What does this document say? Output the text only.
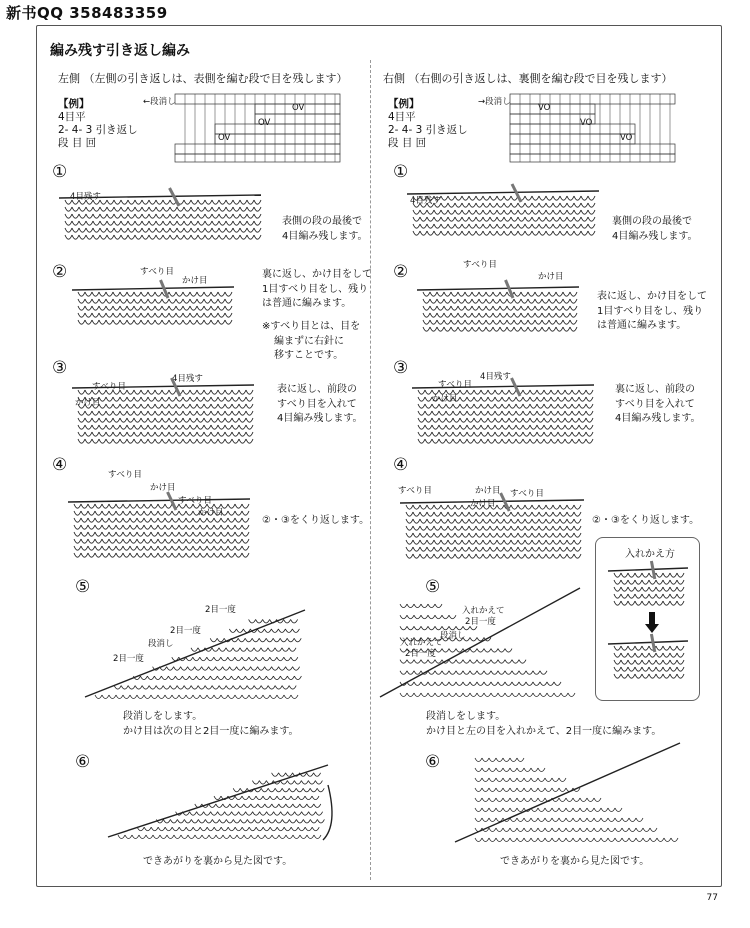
新书QQ 358483359
編み残す引き返し編み
左側 （左側の引き返しは、表側を編む段で目を残します）
【例】
4目平
2- 4- 3 引き返し
段 目 回
←段消し
OV
OV
OV
右側 （右側の引き返しは、裏側を編む段で目を残します）
【例】
4目平
2- 4- 3 引き返し
段 目 回
→段消し
VO
VO
VO
①
4目残す
表側の段の最後で
4目編み残します。
②	すべり目
かけ目
裏に返し、かけ目をして
1目すべり目をし、残り
は普通に編みます。
※すべり目とは、目を
編まずに右針に
移すことです。
③
4目残す
すべり目
かけ目
表に返し、前段の
すべり目を入れて
4目編み残します。
④	すべり目
かけ目
すべり目
かけ目
②・③をくり返します。
⑤
2目一度
2目一度
段消し
2目一度
段消しをします。
かけ目は次の目と2目一度に編みます。
⑥
できあがりを裏から見た図です。
①
4目残す
裏側の段の最後で
4目編み残します。
②	すべり目
かけ目
表に返し、かけ目をして
1目すべり目をし、残り
は普通に編みます。
③	4目残す
すべり目
かけ目
裏に返し、前段の
すべり目を入れて
4目編み残します。
④
すべり目	かけ目 すべり目
かけ目
②・③をくり返します。
入れかえ方
⑤
入れかえて
2目一度
段消し
入れかえて
2目一度
段消しをします。
かけ目と左の目を入れかえて、2目一度に編みます。
⑥
できあがりを裏から見た図です。
77
